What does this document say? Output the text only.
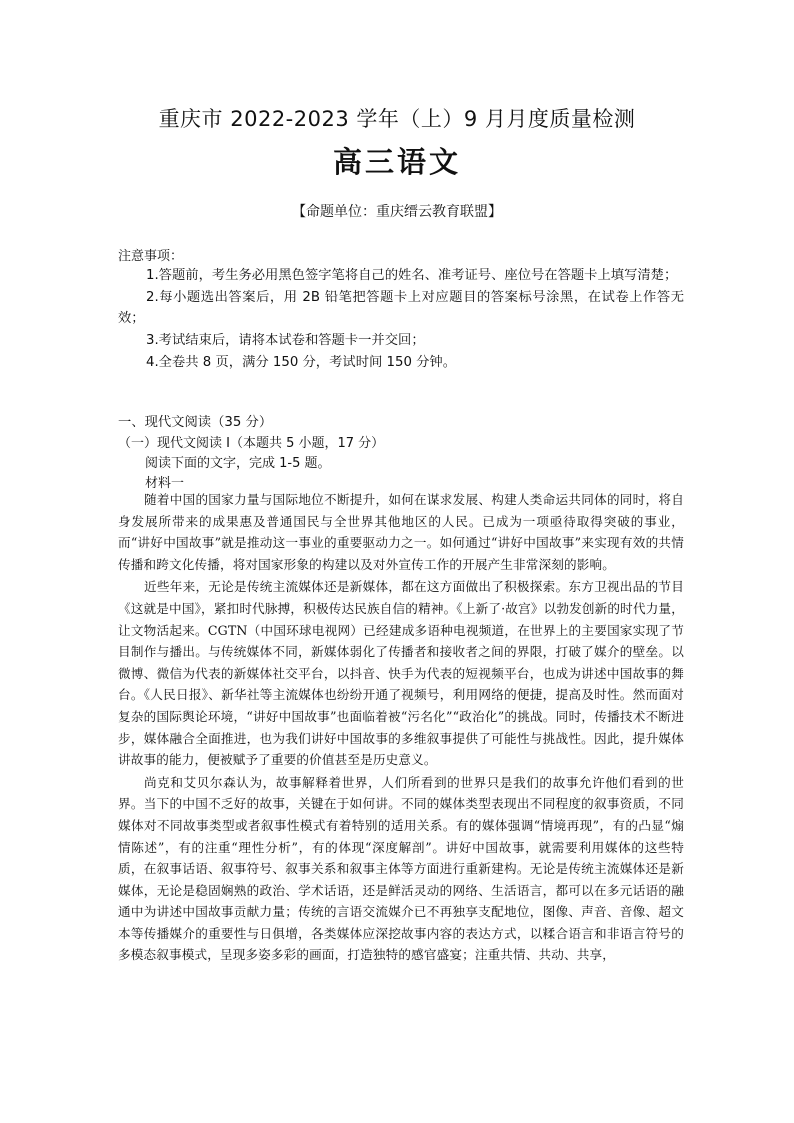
重庆市 2022-2023 学年（上）9 月月度质量检测
高三语文
【命题单位：重庆缙云教育联盟】
注意事项：
1.答题前，考生务必用黑色签字笔将自己的姓名、准考证号、座位号在答题卡上填写清楚；
2.每小题选出答案后，用 2B 铅笔把答题卡上对应题目的答案标号涂黑，在试卷上作答无效；
3.考试结束后，请将本试卷和答题卡一并交回；
4.全卷共 8 页，满分 150 分，考试时间 150 分钟。
一、现代文阅读（35 分）
（一）现代文阅读 Ⅰ（本题共 5 小题，17 分）
阅读下面的文字，完成 1-5 题。
材料一

随着中国的国家力量与国际地位不断提升，如何在谋求发展、构建人类命运共同体的同时，将自身发展所带来的成果惠及普通国民与全世界其他地区的人民。已成为一项亟待取得突破的事业，而“讲好中国故事”就是推动这一事业的重要驱动力之一。如何通过“讲好中国故事”来实现有效的共情传播和跨文化传播，将对国家形象的构建以及对外宣传工作的开展产生非常深刻的影响。

近些年来，无论是传统主流媒体还是新媒体，都在这方面做出了积极探索。东方卫视出品的节目《这就是中国》，紧扣时代脉搏，积极传达民族自信的精神。《上新了·故宫》以勃发创新的时代力量，让文物活起来。CGTN（中国环球电视网）已经建成多语种电视频道，在世界上的主要国家实现了节目制作与播出。与传统媒体不同，新媒体弱化了传播者和接收者之间的界限，打破了媒介的壁垒。以微博、微信为代表的新媒体社交平台，以抖音、快手为代表的短视频平台，也成为讲述中国故事的舞台。《人民日报》、新华社等主流媒体也纷纷开通了视频号，利用网络的便捷，提高及时性。然而面对复杂的国际舆论环境，“讲好中国故事”也面临着被“污名化”“政治化”的挑战。同时，传播技术不断进步，媒体融合全面推进，也为我们讲好中国故事的多维叙事提供了可能性与挑战性。因此，提升媒体讲故事的能力，便被赋予了重要的价值甚至是历史意义。

尚克和艾贝尔森认为，故事解释着世界，人们所看到的世界只是我们的故事允许他们看到的世界。当下的中国不乏好的故事，关键在于如何讲。不同的媒体类型表现出不同程度的叙事资质，不同媒体对不同故事类型或者叙事性模式有着特别的适用关系。有的媒体强调“情境再现”，有的凸显“煽情陈述”，有的注重“理性分析”，有的体现“深度解剖”。讲好中国故事，就需要利用媒体的这些特质，在叙事话语、叙事符号、叙事关系和叙事主体等方面进行重新建构。无论是传统主流媒体还是新媒体，无论是稳固娴熟的政治、学术话语，还是鲜活灵动的网络、生活语言，都可以在多元话语的融通中为讲述中国故事贡献力量；传统的言语交流媒介已不再独享支配地位，图像、声音、音像、超文本等传播媒介的重要性与日俱增，各类媒体应深挖故事内容的表达方式，以糅合语言和非语言符号的多模态叙事模式，呈现多姿多彩的画面，打造独特的感官盛宴；注重共情、共动、共享，
